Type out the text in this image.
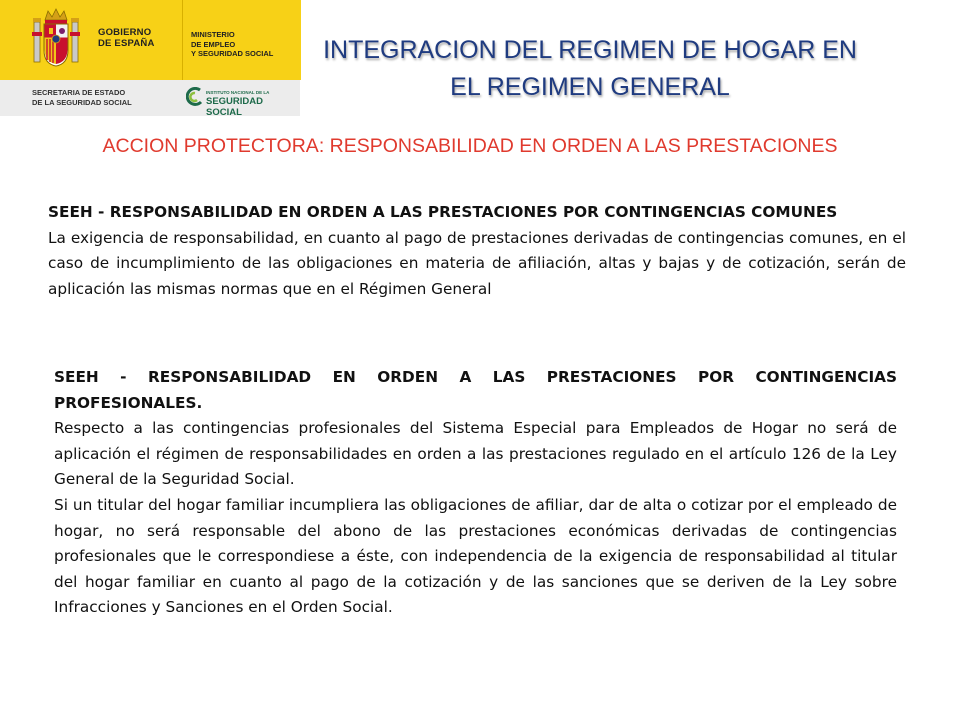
GOBIERNO
DE ESPAÑA
MINISTERIO
DE EMPLEO
Y SEGURIDAD SOCIAL
SECRETARIA DE ESTADO
DE LA SEGURIDAD SOCIAL
INSTITUTO NACIONAL DE LA
SEGURIDAD SOCIAL
INTEGRACION DEL REGIMEN DE HOGAR EN
EL REGIMEN GENERAL
ACCION PROTECTORA: RESPONSABILIDAD EN ORDEN A LAS PRESTACIONES

SEEH - RESPONSABILIDAD EN ORDEN A LAS PRESTACIONES POR CONTINGENCIAS COMUNES

La exigencia de responsabilidad, en cuanto al pago de prestaciones derivadas de contingencias comunes, en el caso de incumplimiento de las obligaciones en materia de afiliación, altas y bajas y de cotización, serán de aplicación las mismas normas que en el Régimen General

SEEH - RESPONSABILIDAD EN ORDEN A LAS PRESTACIONES POR CONTINGENCIAS PROFESIONALES.

Respecto a las contingencias profesionales del Sistema Especial para Empleados de Hogar no será de aplicación el régimen de responsabilidades en orden a las prestaciones regulado en el artículo 126 de la Ley General de la Seguridad Social.

Si un titular del hogar familiar incumpliera las obligaciones de afiliar, dar de alta o cotizar por el empleado de hogar, no será responsable del abono de las prestaciones económicas derivadas de contingencias profesionales que le correspondiese a éste, con independencia de la exigencia de responsabilidad al titular del hogar familiar en cuanto al pago de la cotización y de las sanciones que se deriven de la Ley sobre Infracciones y Sanciones en el Orden Social.
